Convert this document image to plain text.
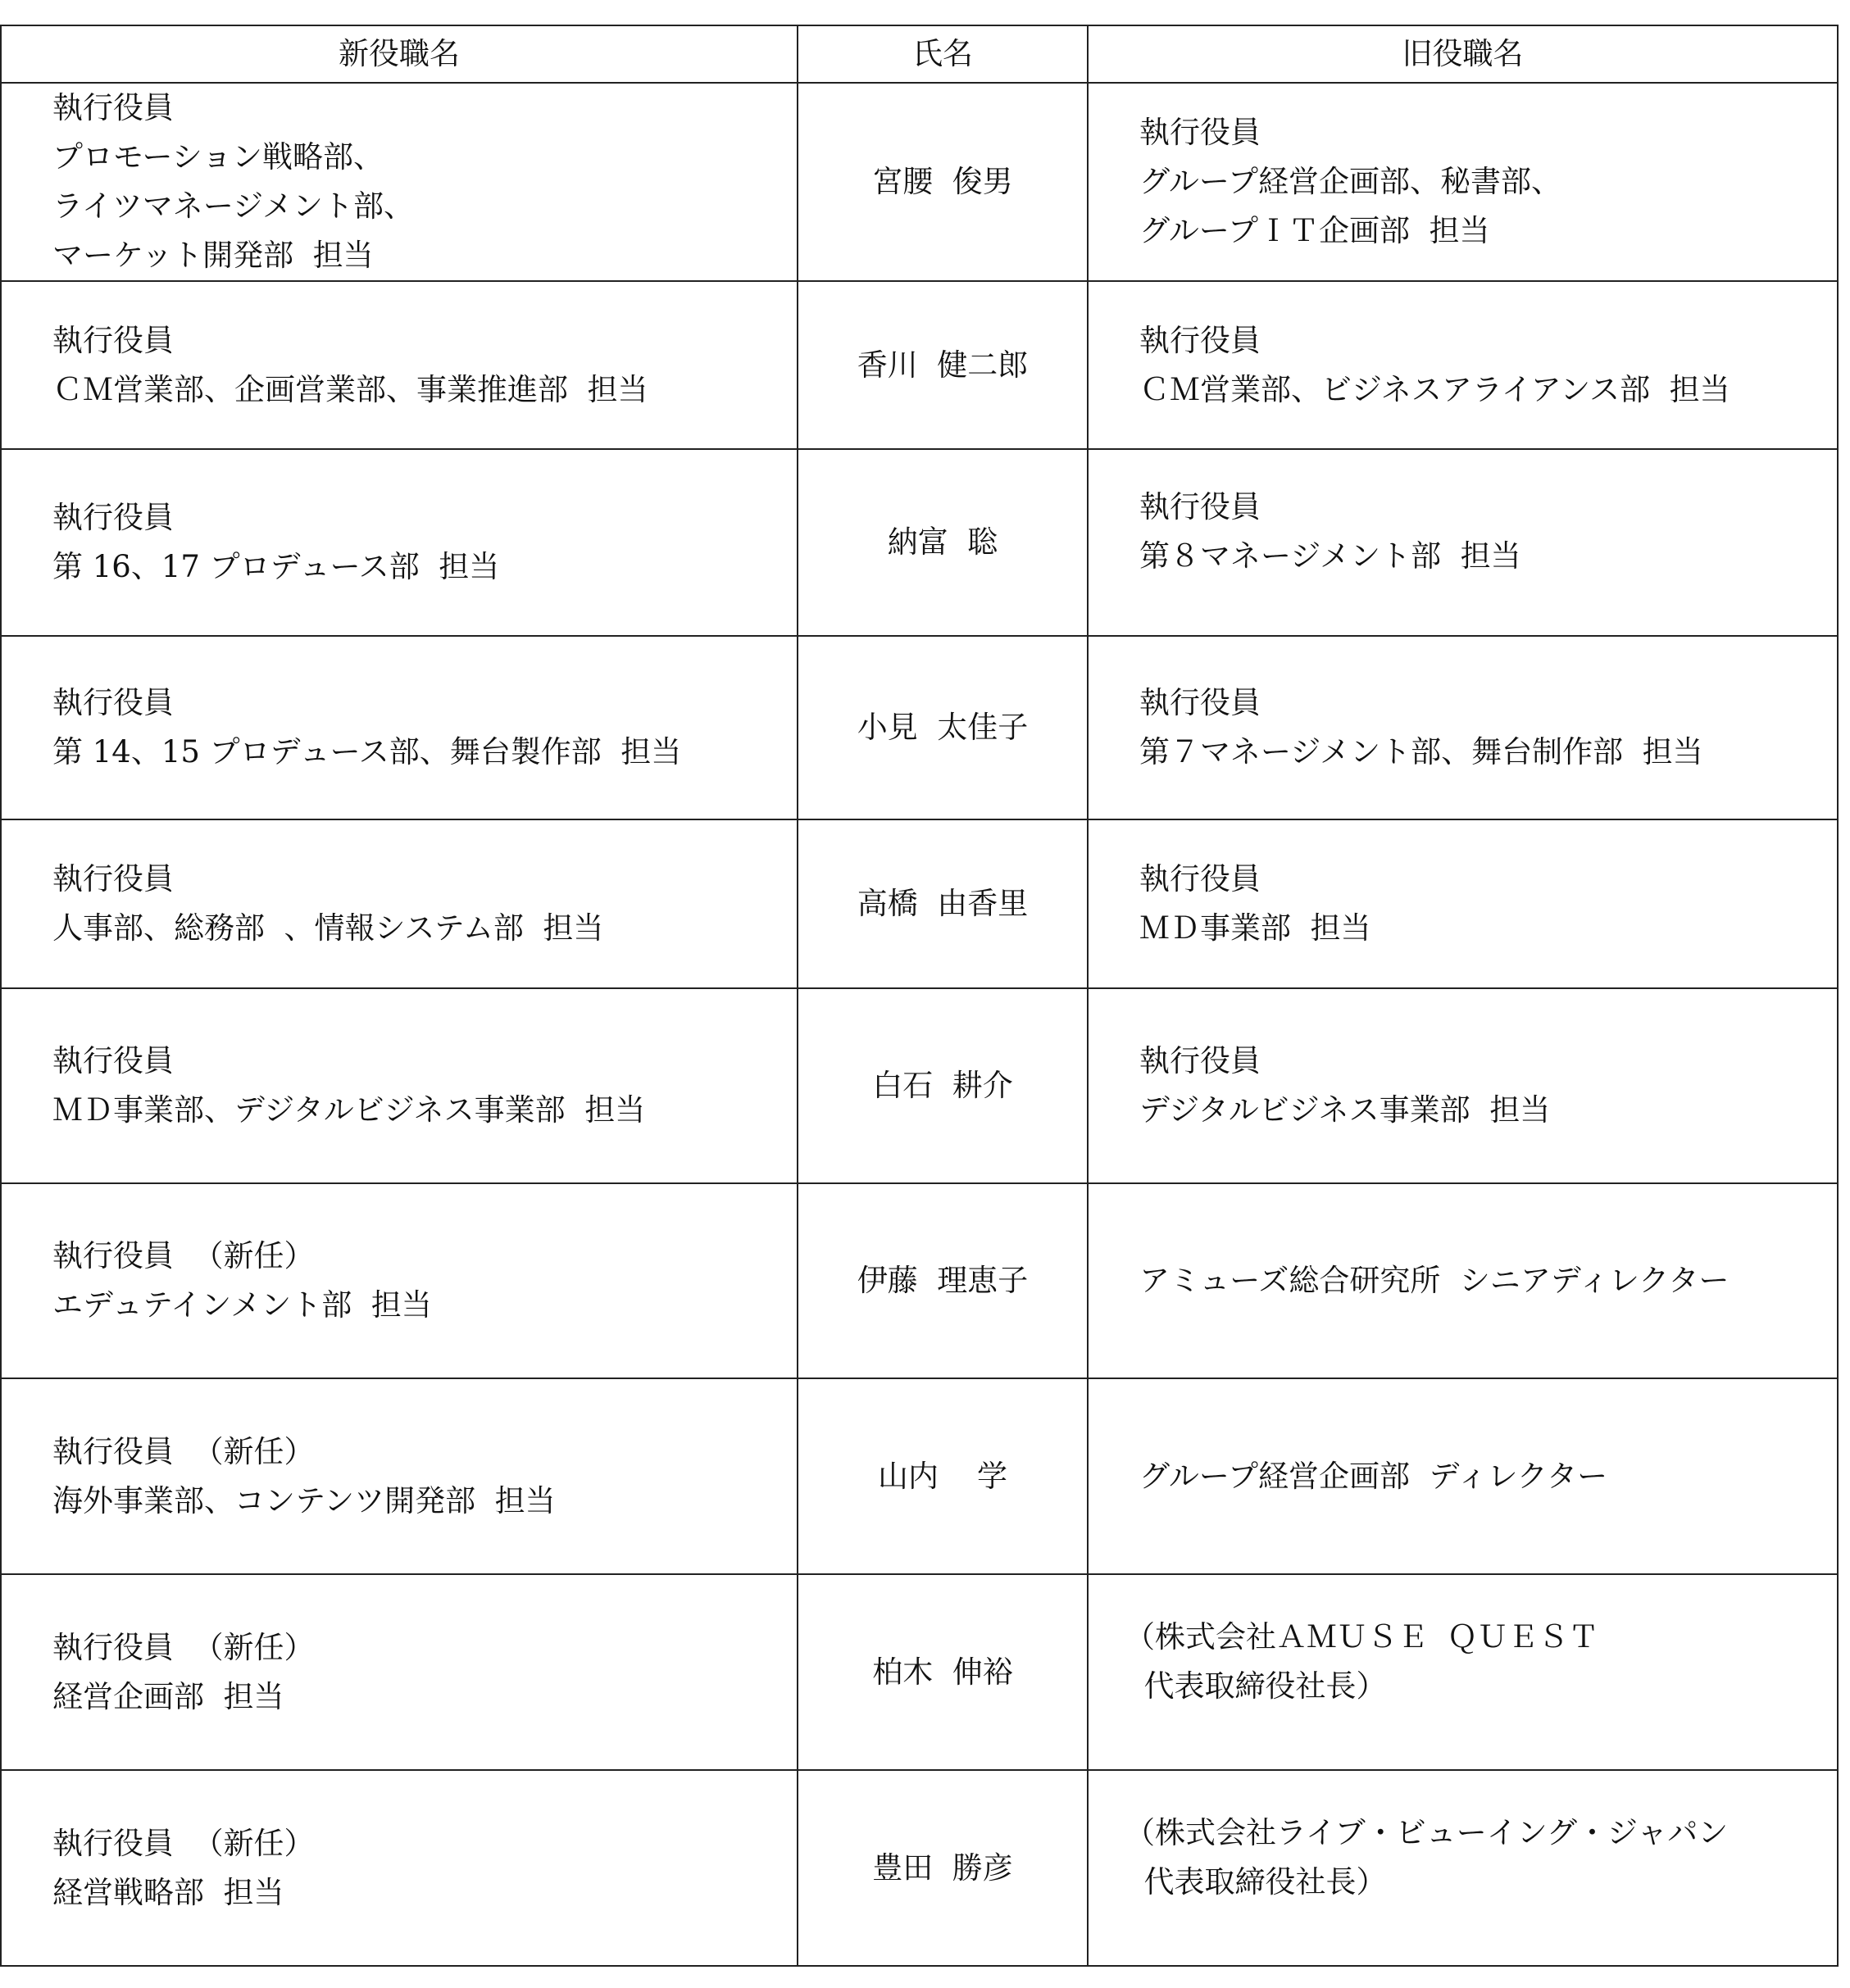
新役職名	氏名	旧役職名

執行役員
プロモーション戦略部、
ライツマネージメント部、
マーケット開発部  担当	宮腰  俊男	執行役員
グループ経営企画部、秘書部、
グループＩＴ企画部  担当

執行役員
ＣＭ営業部、企画営業部、事業推進部  担当	香川  健二郎	執行役員
ＣＭ営業部、ビジネスアライアンス部  担当

執行役員
第 16、17 プロデュース部  担当	納富  聡	執行役員
第８マネージメント部  担当

執行役員
第 14、15 プロデュース部、舞台製作部  担当	小見  太佳子	執行役員
第７マネージメント部、舞台制作部  担当

執行役員
人事部、総務部  、情報システム部  担当	高橋  由香里	執行役員
ＭＤ事業部  担当

執行役員
ＭＤ事業部、デジタルビジネス事業部  担当	白石  耕介	執行役員
デジタルビジネス事業部  担当

執行役員  （新任）
エデュテインメント部  担当	伊藤  理恵子	アミューズ総合研究所  シニアディレクター

執行役員  （新任）
海外事業部、コンテンツ開発部  担当	山内    学	グループ経営企画部  ディレクター

執行役員  （新任）
経営企画部  担当	柏木  伸裕	（株式会社ＡＭＵＳＥ  ＱＵＥＳＴ
代表取締役社長）

執行役員  （新任）
経営戦略部  担当	豊田  勝彦	（株式会社ライブ・ビューイング・ジャパン
代表取締役社長）
